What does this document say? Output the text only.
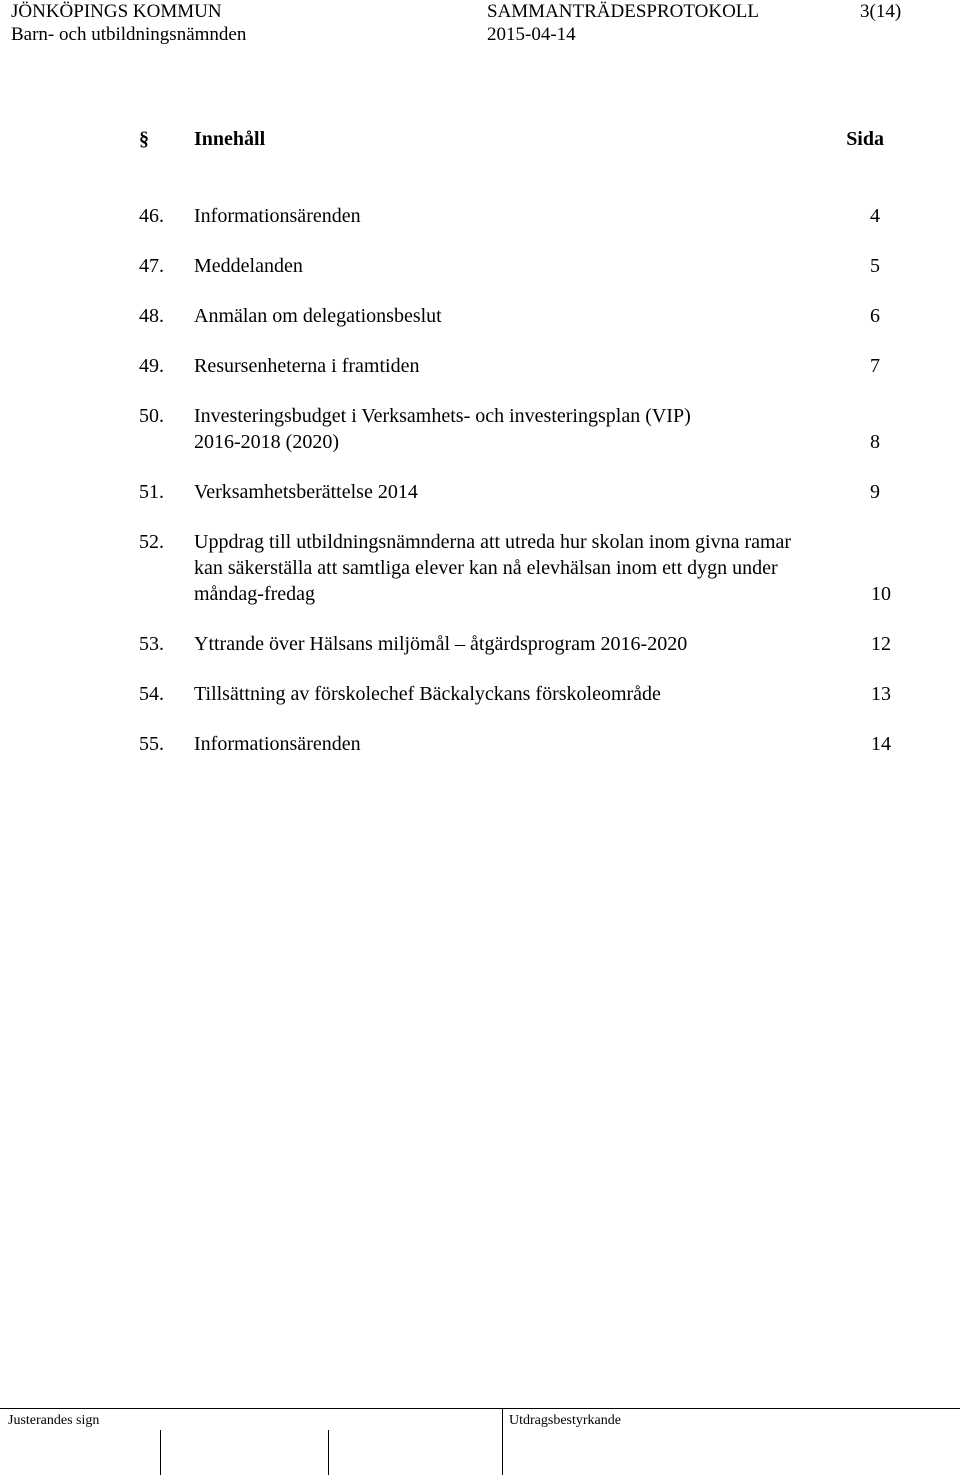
JÖNKÖPINGS KOMMUN
Barn- och utbildningsnämnden
SAMMANTRÄDESPROTOKOLL
2015-04-14
3(14)
§ Innehåll	Sida
46. Informationsärenden	4
47. Meddelanden	5
48. Anmälan om delegationsbeslut	6
49. Resursenheterna i framtiden	7
50. Investeringsbudget i Verksamhets- och investeringsplan (VIP)
2016-2018 (2020)	8
51. Verksamhetsberättelse 2014	9
52. Uppdrag till utbildningsnämnderna att utreda hur skolan inom givna ramar
kan säkerställa att samtliga elever kan nå elevhälsan inom ett dygn under
måndag-fredag	10
53. Yttrande över Hälsans miljömål – åtgärdsprogram 2016-2020	12
54. Tillsättning av förskolechef Bäckalyckans förskoleområde	13
55. Informationsärenden	14
Justerandes sign	Utdragsbestyrkande
